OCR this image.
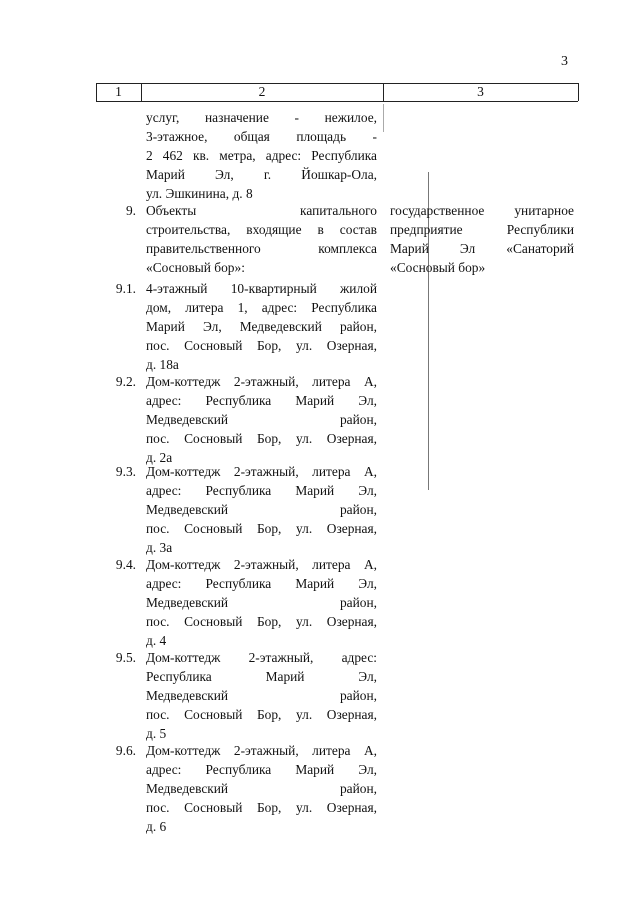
3
1	2	3
услуг, назначение - нежилое,
3-этажное, общая площадь -
2 462 кв. метра, адрес: Республика
Марий Эл, г. Йошкар-Ола,
ул. Эшкинина, д. 8
9. Объекты капитального
строительства, входящие в состав
правительственного комплекса
«Сосновый бор»:
государственное унитарное
предприятие Республики
Марий Эл «Санаторий
«Сосновый бор»
9.1. 4-этажный 10-квартирный жилой
дом, литера 1, адрес: Республика
Марий Эл, Медведевский район,
пос. Сосновый Бор, ул. Озерная,
д. 18а
9.2. Дом-коттедж 2-этажный, литера А,
адрес: Республика Марий Эл,
Медведевский район,
пос. Сосновый Бор, ул. Озерная,
д. 2а
9.3. Дом-коттедж 2-этажный, литера А,
адрес: Республика Марий Эл,
Медведевский район,
пос. Сосновый Бор, ул. Озерная,
д. 3а
9.4. Дом-коттедж 2-этажный, литера А,
адрес: Республика Марий Эл,
Медведевский район,
пос. Сосновый Бор, ул. Озерная,
д. 4
9.5. Дом-коттедж 2-этажный, адрес:
Республика Марий Эл,
Медведевский район,
пос. Сосновый Бор, ул. Озерная,
д. 5
9.6. Дом-коттедж 2-этажный, литера А,
адрес: Республика Марий Эл,
Медведевский район,
пос. Сосновый Бор, ул. Озерная,
д. 6
